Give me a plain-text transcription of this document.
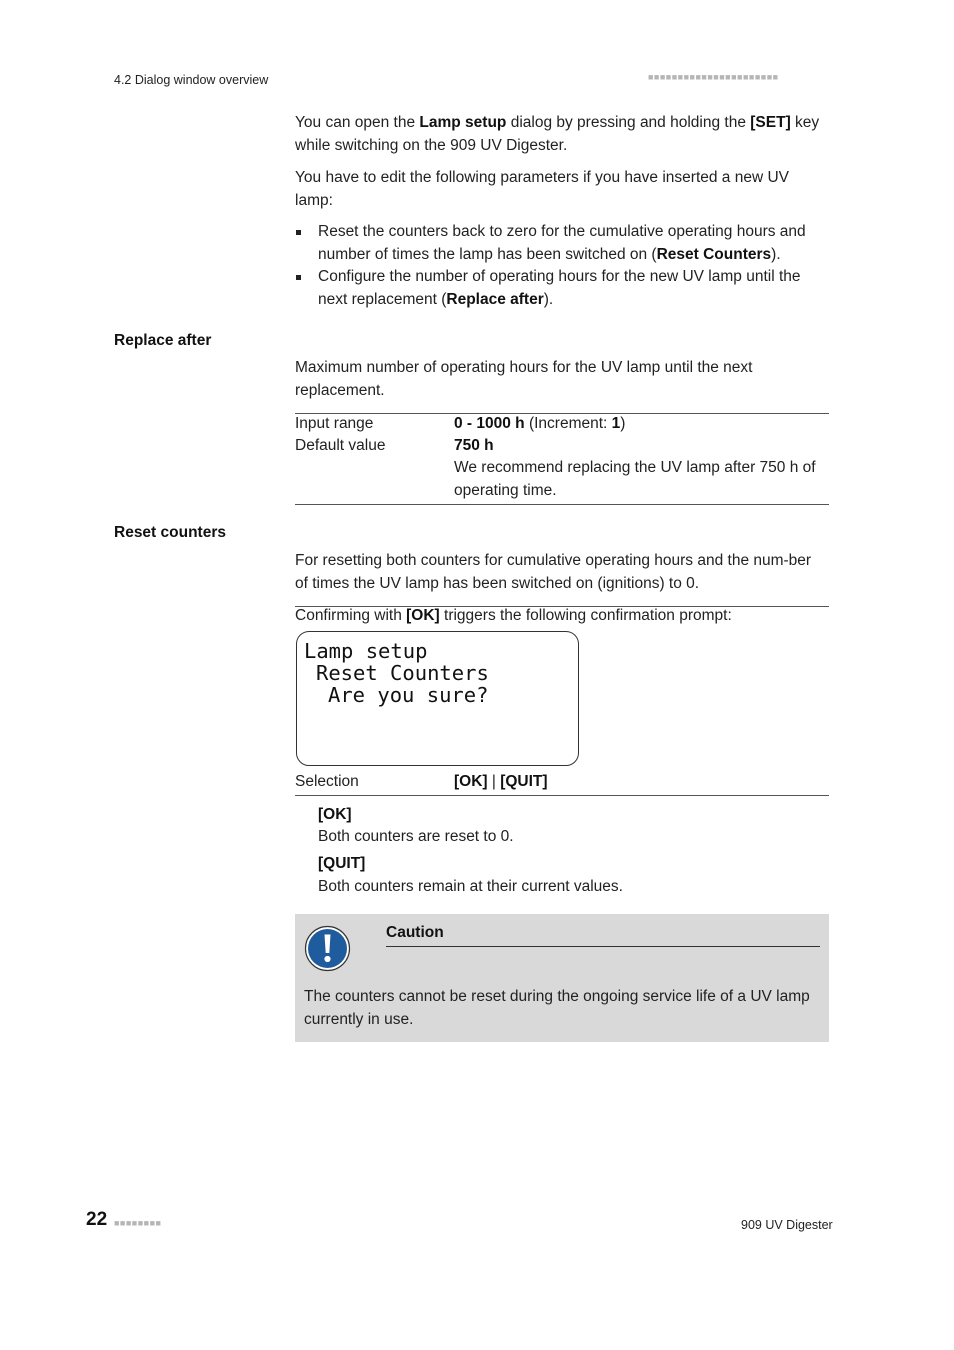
4.2 Dialog window overview	■■■■■■■■■■■■■■■■■■■■■■
You can open the Lamp setup dialog by pressing and holding the [SET] key while switching on the 909 UV Digester.
You have to edit the following parameters if you have inserted a new UV lamp:
Reset the counters back to zero for the cumulative operating hours and number of times the lamp has been switched on (Reset Counters).
Configure the number of operating hours for the new UV lamp until the next replacement (Replace after).
Replace after
Maximum number of operating hours for the UV lamp until the next replacement.
Input range	0 - 1000 h (Increment: 1)
Default value	750 h
We recommend replacing the UV lamp after 750 h of operating time.
Reset counters
For resetting both counters for cumulative operating hours and the num-ber of times the UV lamp has been switched on (ignitions) to 0.
Confirming with [OK] triggers the following confirmation prompt:
Lamp setup
Reset Counters
Are you sure?
Selection	[OK] | [QUIT]
[OK]
Both counters are reset to 0.
[QUIT]
Both counters remain at their current values.
Caution
The counters cannot be reset during the ongoing service life of a UV lamp currently in use.
22 ■■■■■■■■	909 UV Digester
